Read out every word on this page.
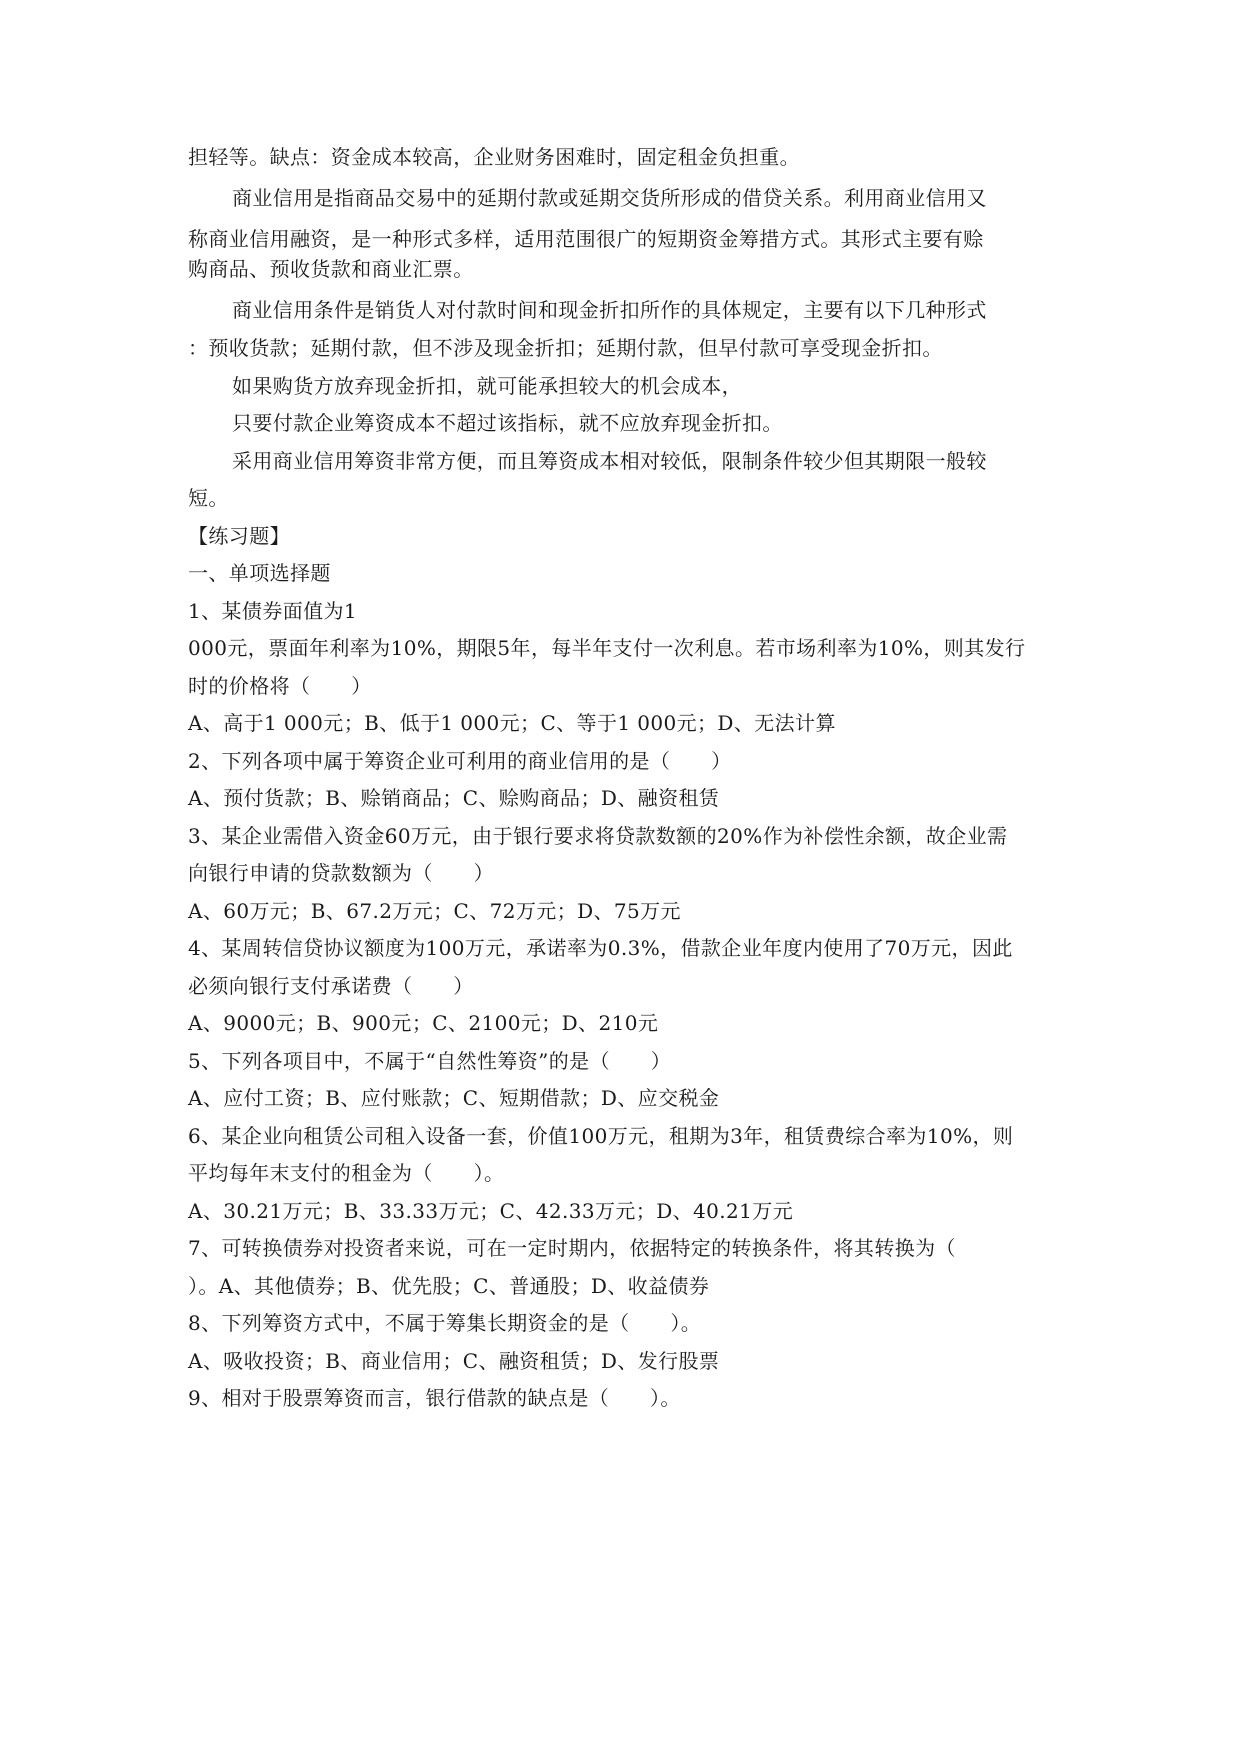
担轻等。缺点：资金成本较高，企业财务困难时，固定租金负担重。
商业信用是指商品交易中的延期付款或延期交货所形成的借贷关系。利用商业信用又
称商业信用融资，是一种形式多样，适用范围很广的短期资金筹措方式。其形式主要有赊
购商品、预收货款和商业汇票。
商业信用条件是销货人对付款时间和现金折扣所作的具体规定，主要有以下几种形式
：预收货款；延期付款，但不涉及现金折扣；延期付款，但早付款可享受现金折扣。
如果购货方放弃现金折扣，就可能承担较大的机会成本，
只要付款企业筹资成本不超过该指标，就不应放弃现金折扣。
采用商业信用筹资非常方便，而且筹资成本相对较低，限制条件较少但其期限一般较
短。
【练习题】
一、单项选择题
1、某债券面值为1
000元，票面年利率为10%，期限5年，每半年支付一次利息。若市场利率为10%，则其发行
时的价格将（　　）
A、高于1 000元；B、低于1 000元；C、等于1 000元；D、无法计算
2、下列各项中属于筹资企业可利用的商业信用的是（　　）
A、预付货款；B、赊销商品；C、赊购商品；D、融资租赁
3、某企业需借入资金60万元，由于银行要求将贷款数额的20%作为补偿性余额，故企业需
向银行申请的贷款数额为（　　）
A、60万元；B、67.2万元；C、72万元；D、75万元
4、某周转信贷协议额度为100万元，承诺率为0.3%，借款企业年度内使用了70万元，因此
必须向银行支付承诺费（　　）
A、9000元；B、900元；C、2100元；D、210元
5、下列各项目中，不属于“自然性筹资”的是（　　）
A、应付工资；B、应付账款；C、短期借款；D、应交税金
6、某企业向租赁公司租入设备一套，价值100万元，租期为3年，租赁费综合率为10%，则
平均每年末支付的租金为（　　）。
A、30.21万元；B、33.33万元；C、42.33万元；D、40.21万元
7、可转换债券对投资者来说，可在一定时期内，依据特定的转换条件，将其转换为（
）。A、其他债券；B、优先股；C、普通股；D、收益债券
8、下列筹资方式中，不属于筹集长期资金的是（　　）。
A、吸收投资；B、商业信用；C、融资租赁；D、发行股票
9、相对于股票筹资而言，银行借款的缺点是（　　）。
